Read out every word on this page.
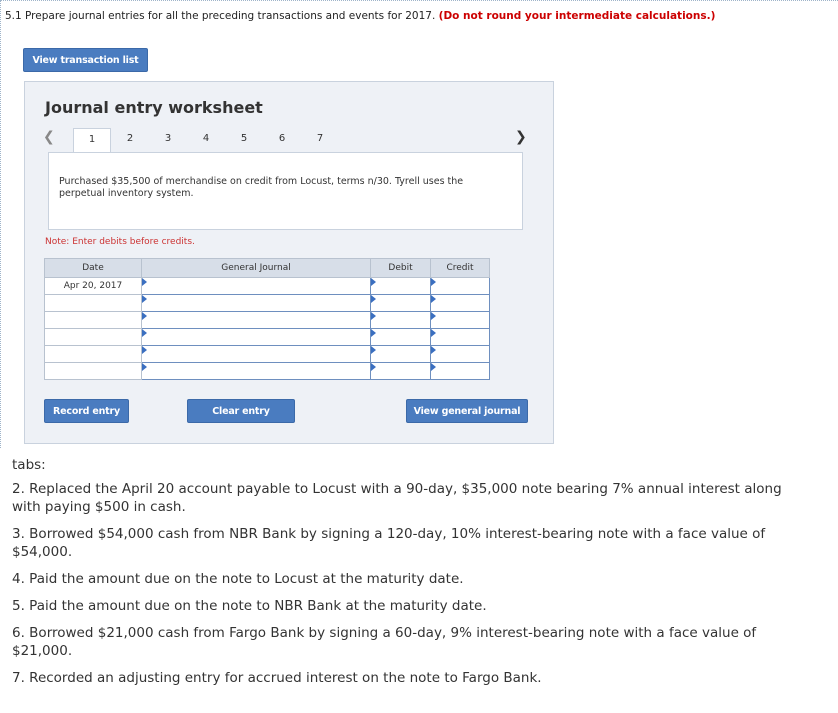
5.1 Prepare journal entries for all the preceding transactions and events for 2017. (Do not round your intermediate calculations.)
View transaction list
Journal entry worksheet
❮	1	2	3	4	5	6	7	❯
Purchased $35,500 of merchandise on credit from Locust, terms n/30. Tyrell uses the perpetual inventory system.
Note: Enter debits before credits.
Date	General Journal	Debit	Credit
Apr 20, 2017			

Record entry	Clear entry	View general journal
tabs:

2. Replaced the April 20 account payable to Locust with a 90-day, $35,000 note bearing 7% annual interest along with paying $500 in cash.

3. Borrowed $54,000 cash from NBR Bank by signing a 120-day, 10% interest-bearing note with a face value of $54,000.

4. Paid the amount due on the note to Locust at the maturity date.

5. Paid the amount due on the note to NBR Bank at the maturity date.

6. Borrowed $21,000 cash from Fargo Bank by signing a 60-day, 9% interest-bearing note with a face value of $21,000.

7. Recorded an adjusting entry for accrued interest on the note to Fargo Bank.
